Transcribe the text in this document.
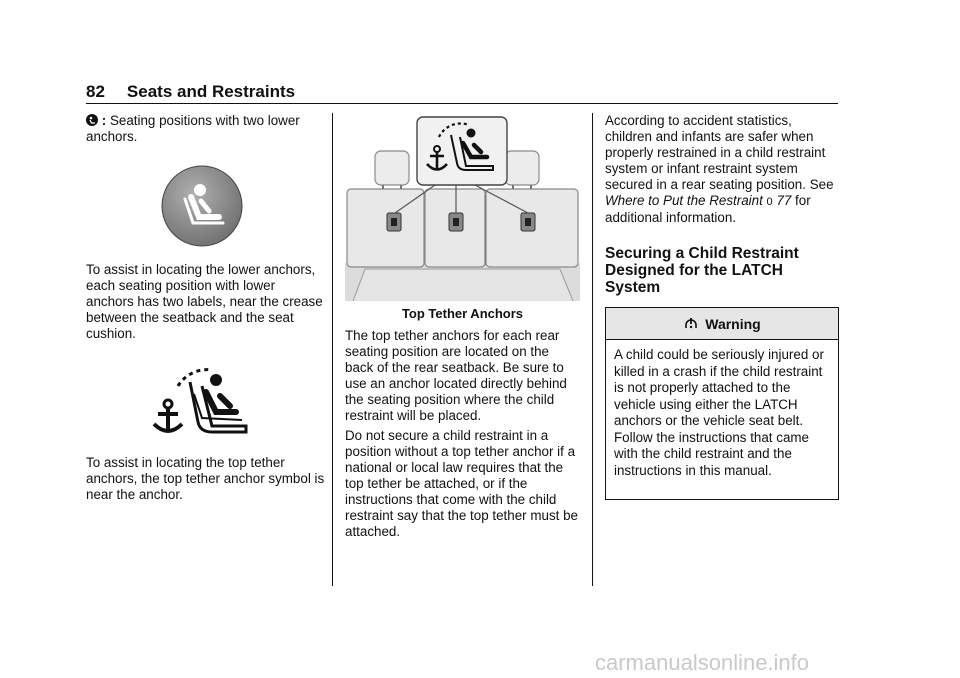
82 Seats and Restraints
: Seating positions with two lower anchors.
To assist in locating the lower anchors, each seating position with lower anchors has two labels, near the crease between the seatback and the seat cushion.
To assist in locating the top tether anchors, the top tether anchor symbol is near the anchor.
Top Tether Anchors
The top tether anchors for each rear seating position are located on the back of the rear seatback. Be sure to use an anchor located directly behind the seating position where the child restraint will be placed.
Do not secure a child restraint in a position without a top tether anchor if a national or local law requires that the top tether be attached, or if the instructions that come with the child restraint say that the top tether must be attached.
According to accident statistics, children and infants are safer when properly restrained in a child restraint system or infant restraint system secured in a rear seating position. See Where to Put the Restraint 0 77 for additional information.
Securing a Child Restraint Designed for the LATCH System
Warning
A child could be seriously injured or killed in a crash if the child restraint is not properly attached to the vehicle using either the LATCH anchors or the vehicle seat belt. Follow the instructions that came with the child restraint and the instructions in this manual.
carmanualsonline.info
